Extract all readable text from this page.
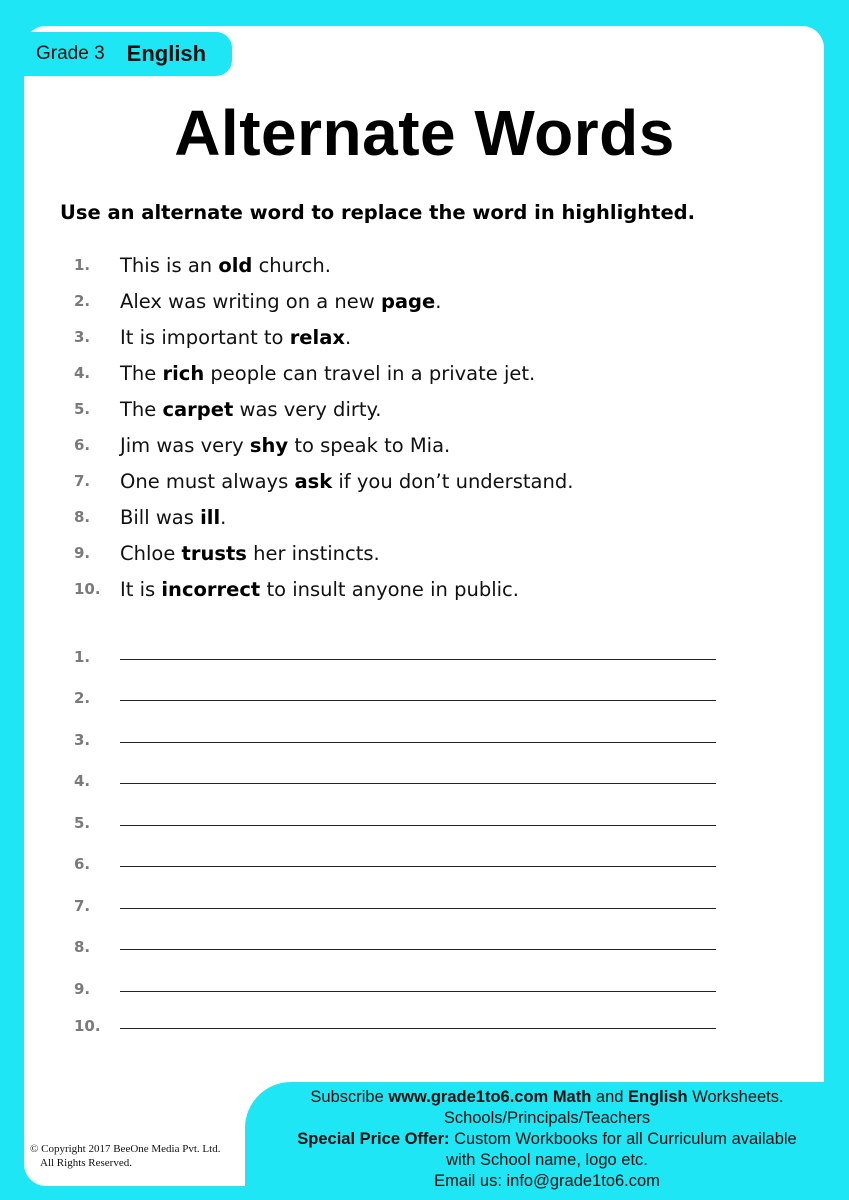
Grade 3 English
Alternate Words

Use an alternate word to replace the word in highlighted.

1.	This is an old church.
2.	Alex was writing on a new page.
3.	It is important to relax.
4.	The rich people can travel in a private jet.
5.	The carpet was very dirty.
6.	Jim was very shy to speak to Mia.
7.	One must always ask if you don’t understand.
8.	Bill was ill.
9.	Chloe trusts her instincts.
10. It is incorrect to insult anyone in public.
1.
2.
3.
4.
5.
6.
7.
8.
9.
10.
Subscribe www.grade1to6.com Math and English Worksheets.
Schools/Principals/Teachers
Special Price Offer: Custom Workbooks for all Curriculum available
with School name, logo etc.
Email us: info@grade1to6.com
© Copyright 2017 BeeOne Media Pvt. Ltd.
All Rights Reserved.
